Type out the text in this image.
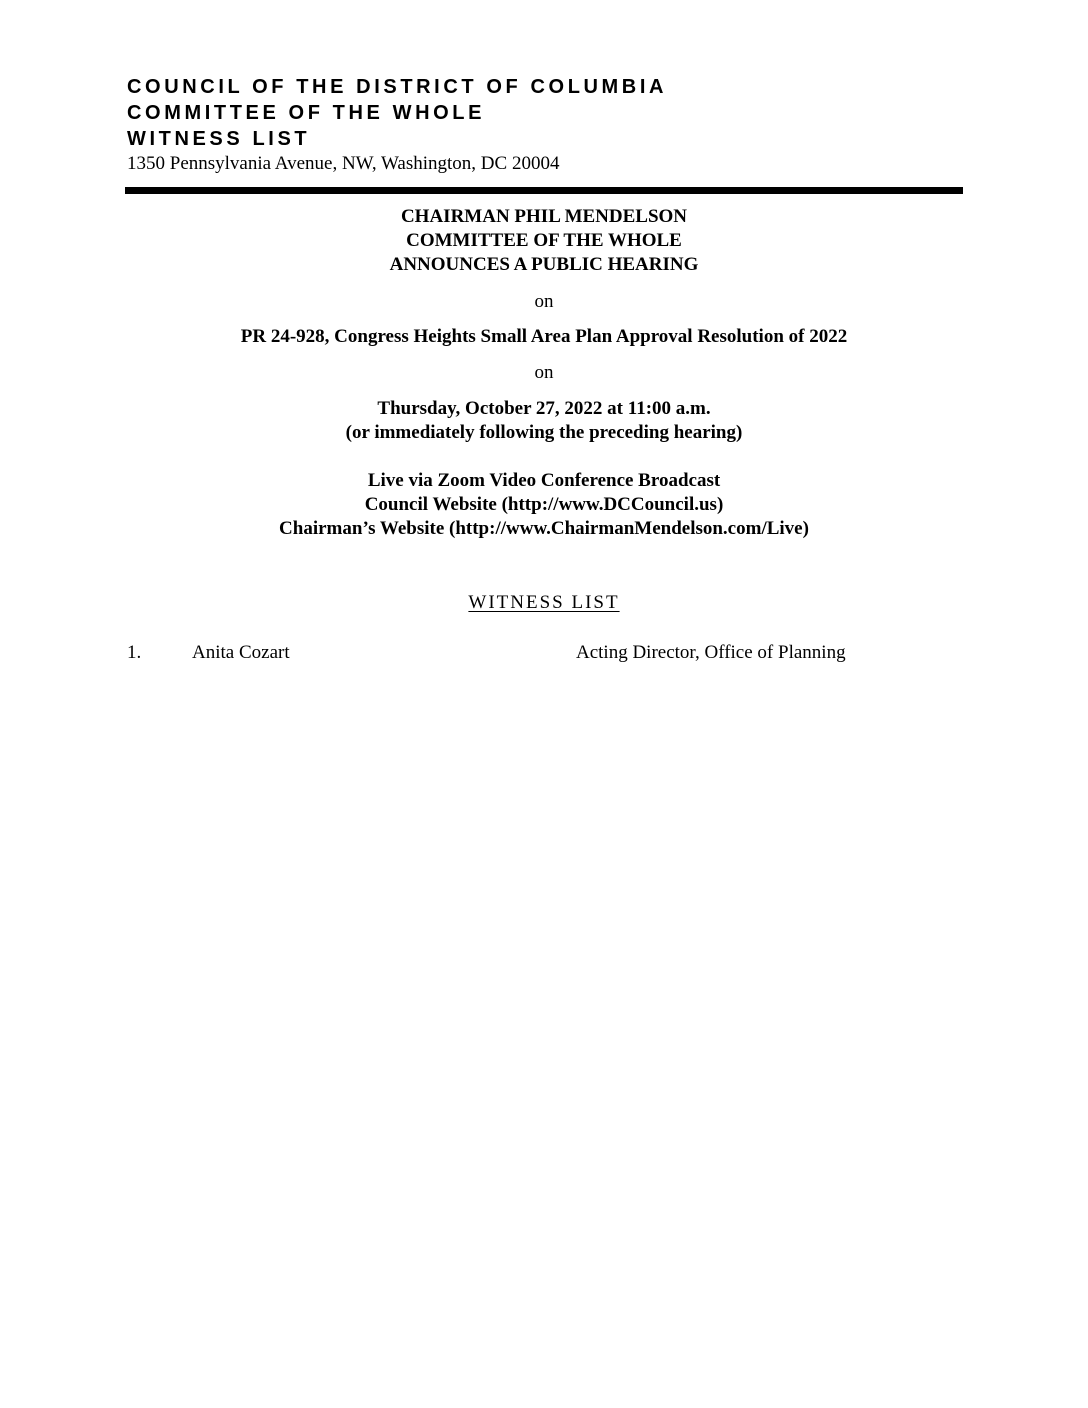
COUNCIL OF THE DISTRICT OF COLUMBIA

COMMITTEE OF THE WHOLE

WITNESS LIST

1350 Pennsylvania Avenue, NW, Washington, DC 20004
CHAIRMAN PHIL MENDELSON
COMMITTEE OF THE WHOLE
ANNOUNCES A PUBLIC HEARING
on
PR 24-928, Congress Heights Small Area Plan Approval Resolution of 2022
on
Thursday, October 27, 2022 at 11:00 a.m.
(or immediately following the preceding hearing)
Live via Zoom Video Conference Broadcast
Council Website (http://www.DCCouncil.us)
Chairman’s Website (http://www.ChairmanMendelson.com/Live)
WITNESS LIST
1.	Anita Cozart	Acting Director, Office of Planning
